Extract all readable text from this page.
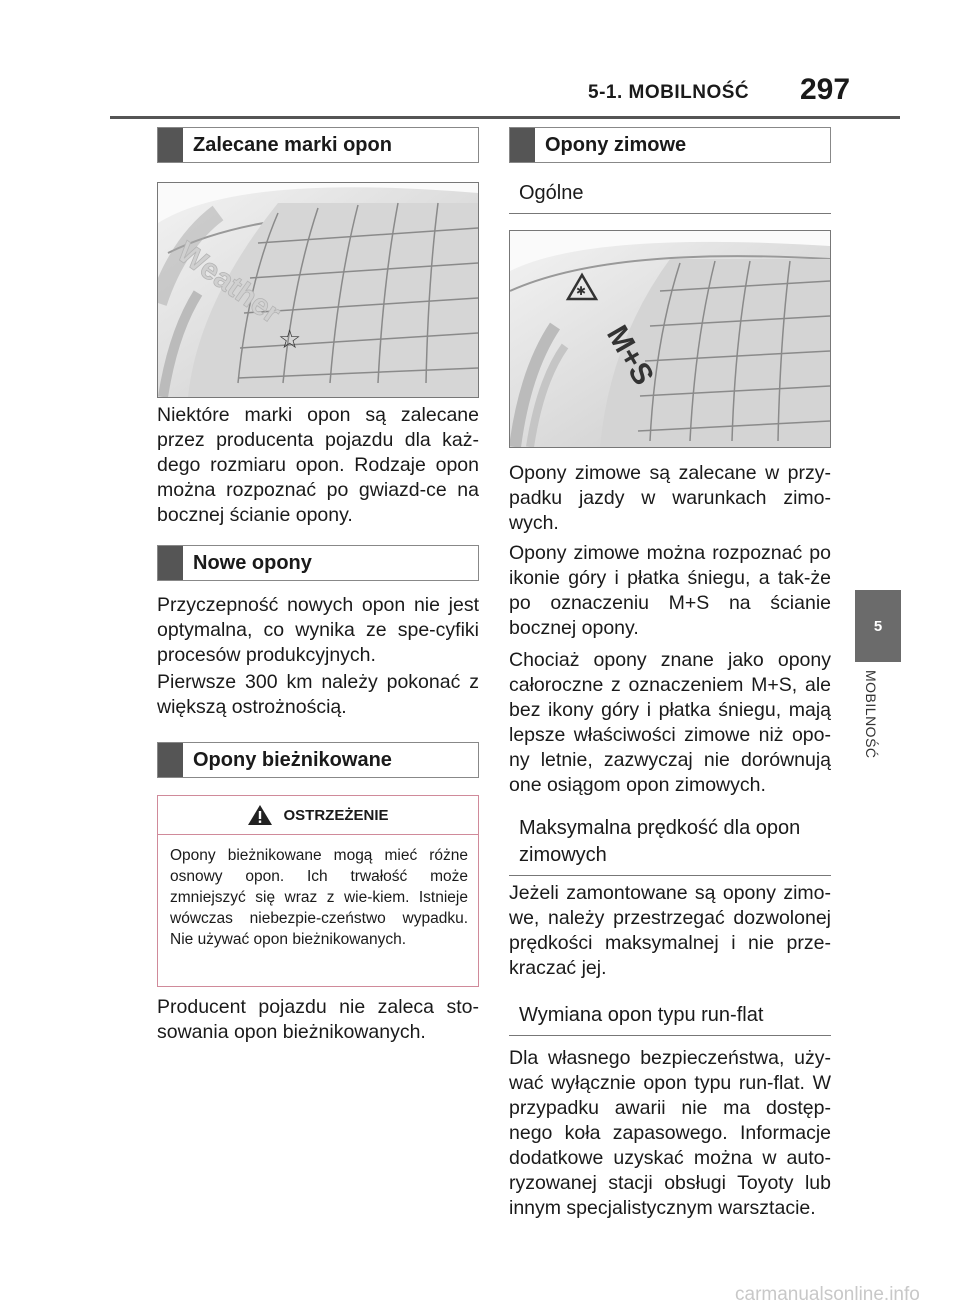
5-1. MOBILNOŚĆ 297
5
MOBILNOŚĆ
Zalecane marki opon
Weather
☆
Niektóre marki opon są zalecane przez producenta pojazdu dla każ-dego rozmiaru opon. Rodzaje opon można rozpoznać po gwiazd-ce na bocznej ścianie opony.
Nowe opony
Przyczepność nowych opon nie jest optymalna, co wynika ze spe-cyfiki procesów produkcyjnych.
Pierwsze 300 km należy pokonać z większą ostrożnością.
Opony bieżnikowane
OSTRZEŻENIE
Opony bieżnikowane mogą mieć różne osnowy opon. Ich trwałość może zmniejszyć się wraz z wie-kiem. Istnieje wówczas niebezpie-czeństwo wypadku. Nie używać opon bieżnikowanych.
Producent pojazdu nie zaleca sto-sowania opon bieżnikowanych.
Opony zimowe
Ogólne
✱
M+S
Opony zimowe są zalecane w przy-padku jazdy w warunkach zimo-wych.
Opony zimowe można rozpoznać po ikonie góry i płatka śniegu, a tak-że po oznaczeniu M+S na ścianie bocznej opony.
Chociaż opony znane jako opony całoroczne z oznaczeniem M+S, ale bez ikony góry i płatka śniegu, mają lepsze właściwości zimowe niż opo-ny letnie, zazwyczaj nie dorównują one osiągom opon zimowych.
Maksymalna prędkość dla opon zimowych
Jeżeli zamontowane są opony zimo-we, należy przestrzegać dozwolonej prędkości maksymalnej i nie prze-kraczać jej.
Wymiana opon typu run-flat
Dla własnego bezpieczeństwa, uży-wać wyłącznie opon typu run-flat. W przypadku awarii nie ma dostęp-nego koła zapasowego. Informacje dodatkowe uzyskać można w auto-ryzowanej stacji obsługi Toyoty lub innym specjalistycznym warsztacie.
carmanualsonline.info
